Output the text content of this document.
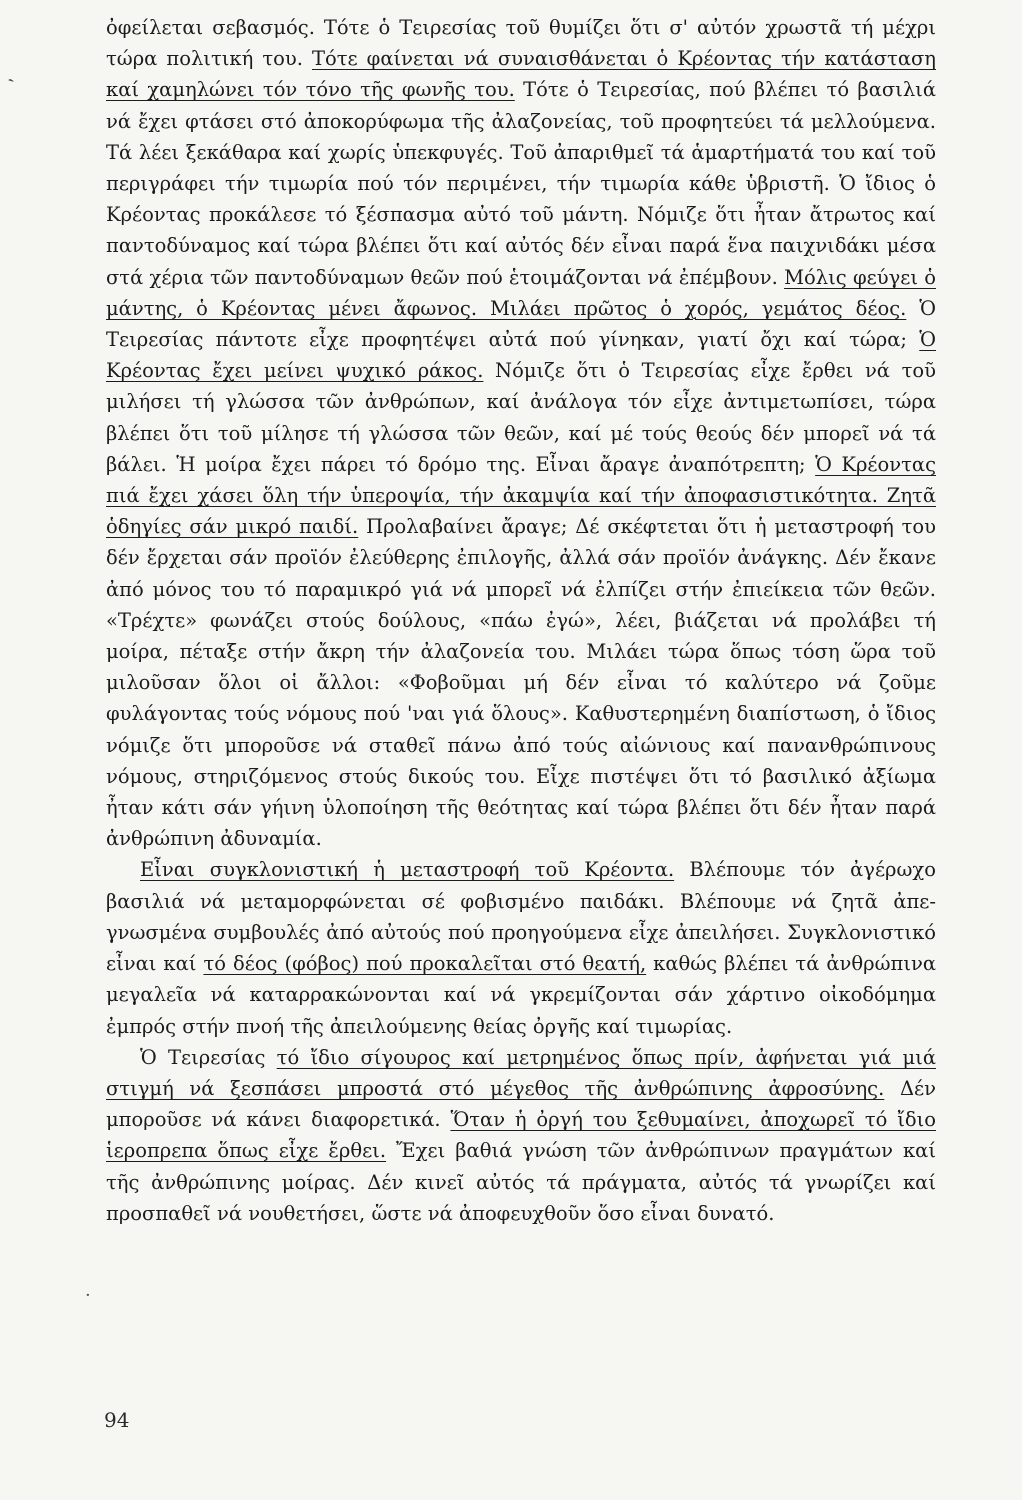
ˏ

ὀφείλεται σεβασμός. Τότε ὁ Τειρεσίας τοῦ θυμίζει ὅτι σ' αὐτόν χρωστᾶ τή μέχρι τώρα πολιτική του. Τότε φαίνεται νά συναισθάνεται ὁ Κρέοντας τήν κατάσταση καί χαμηλώνει τόν τόνο τῆς φωνῆς του. Τότε ὁ Τειρεσίας, πού βλέπει τό βασιλιά νά ἔχει φτάσει στό ἀποκορύφωμα τῆς ἀλαζονείας, τοῦ προφητεύει τά μελλούμενα. Τά λέει ξεκάθαρα καί χωρίς ὑπεκφυγές. Τοῦ ἀπαριθμεῖ τά ἁμαρτήματά του καί τοῦ περιγράφει τήν τιμωρία πού τόν περιμένει, τήν τιμωρία κάθε ὑβριστῆ. Ὁ ἴδιος ὁ Κρέοντας προκάλεσε τό ξέσπασμα αὐτό τοῦ μάντη. Νόμιζε ὅτι ἦταν ἄτρωτος καί παντοδύναμος καί τώρα βλέπει ὅτι καί αὐτός δέν εἶναι παρά ἕνα παιχνιδάκι μέσα στά χέρια τῶν παντοδύναμων θεῶν πού ἑτοιμάζονται νά ἐπέμβουν. Μόλις φεύγει ὁ μάντης, ὁ Κρέοντας μένει ἄφωνος. Μιλάει πρῶτος ὁ χορός, γεμάτος δέος. Ὁ Τειρεσίας πάντοτε εἶχε προφητέψει αὐτά πού γίνηκαν, γιατί ὄχι καί τώρα; Ὁ Κρέοντας ἔχει μείνει ψυχικό ράκος. Νόμιζε ὅτι ὁ Τειρεσίας εἶχε ἔρθει νά τοῦ μιλήσει τή γλώσσα τῶν ἀνθρώπων, καί ἀνάλογα τόν εἶχε ἀντιμετωπίσει, τώρα βλέπει ὅτι τοῦ μίλησε τή γλώσσα τῶν θεῶν, καί μέ τούς θεούς δέν μπορεῖ νά τά βάλει. Ἡ μοίρα ἔχει πάρει τό δρόμο της. Εἶναι ἄραγε ἀναπότρεπτη; Ὁ Κρέοντας πιά ἔχει χάσει ὅλη τήν ὑπεροψία, τήν ἀκαμψία καί τήν ἀποφασιστικότητα. Ζητᾶ ὁδηγίες σάν μικρό παιδί. Προλαβαίνει ἄραγε; Δέ σκέφτεται ὅτι ἡ μεταστροφή του δέν ἔρχεται σάν προϊόν ἐλεύθερης ἐπιλογῆς, ἀλλά σάν προϊόν ἀνάγκης. Δέν ἔκανε ἀπό μόνος του τό παραμικρό γιά νά μπορεῖ νά ἐλπίζει στήν ἐπιείκεια τῶν θεῶν. «Τρέχτε» φωνάζει στούς δούλους, «πάω ἐγώ», λέει, βιάζεται νά προλάβει τή μοίρα, πέταξε στήν ἄκρη τήν ἀλαζονεία του. Μιλάει τώρα ὅπως τόση ὥρα τοῦ μιλοῦσαν ὅλοι οἱ ἄλλοι: «Φοβοῦμαι μή δέν εἶναι τό καλύτερο νά ζοῦμε φυλάγοντας τούς νόμους πού 'ναι γιά ὅλους». Καθυστερημένη διαπίστωση, ὁ ἴδιος νόμιζε ὅτι μποροῦσε νά σταθεῖ πάνω ἀπό τούς αἰώνιους καί πανανθρώπινους νόμους, στηριζόμενος στούς δικούς του. Εἶχε πιστέψει ὅτι τό βασιλικό ἀξίωμα ἦταν κάτι σάν γήινη ὑλοποίηση τῆς θεότητας καί τώρα βλέπει ὅτι δέν ἦταν παρά ἀνθρώπινη ἀδυναμία.

Εἶναι συγκλονιστική ἡ μεταστροφή τοῦ Κρέοντα. Βλέπουμε τόν ἀγέρωχο βασιλιά νά μεταμορφώνεται σέ φοβισμένο παιδάκι. Βλέπουμε νά ζητᾶ ἀπεγνωσμένα συμβουλές ἀπό αὐτούς πού προηγούμενα εἶχε ἀπειλήσει. Συγκλονιστικό εἶναι καί τό δέος (φόβος) πού προκαλεῖται στό θεατή, καθώς βλέπει τά ἀνθρώπινα μεγαλεῖα νά καταρρακώνονται καί νά γκρεμίζονται σάν χάρτινο οἰκοδόμημα ἐμπρός στήν πνοή τῆς ἀπειλούμενης θείας ὀργῆς καί τιμωρίας.

Ὁ Τειρεσίας τό ἴδιο σίγουρος καί μετρημένος ὅπως πρίν, ἀφήνεται γιά μιά στιγμή νά ξεσπάσει μπροστά στό μέγεθος τῆς ἀνθρώπινης ἀφροσύνης. Δέν μποροῦσε νά κάνει διαφορετικά. Ὅταν ἡ ὀργή του ξεθυμαίνει, ἀποχωρεῖ τό ἴδιο ἱεροπρεπα ὅπως εἶχε ἔρθει. Ἔχει βαθιά γνώση τῶν ἀνθρώπινων πραγμάτων καί τῆς ἀνθρώπινης μοίρας. Δέν κινεῖ αὐτός τά πράγματα, αὐτός τά γνωρίζει καί προσπαθεῖ νά νουθετήσει, ὥστε νά ἀποφευχθοῦν ὅσο εἶναι δυνατό.

·
94
